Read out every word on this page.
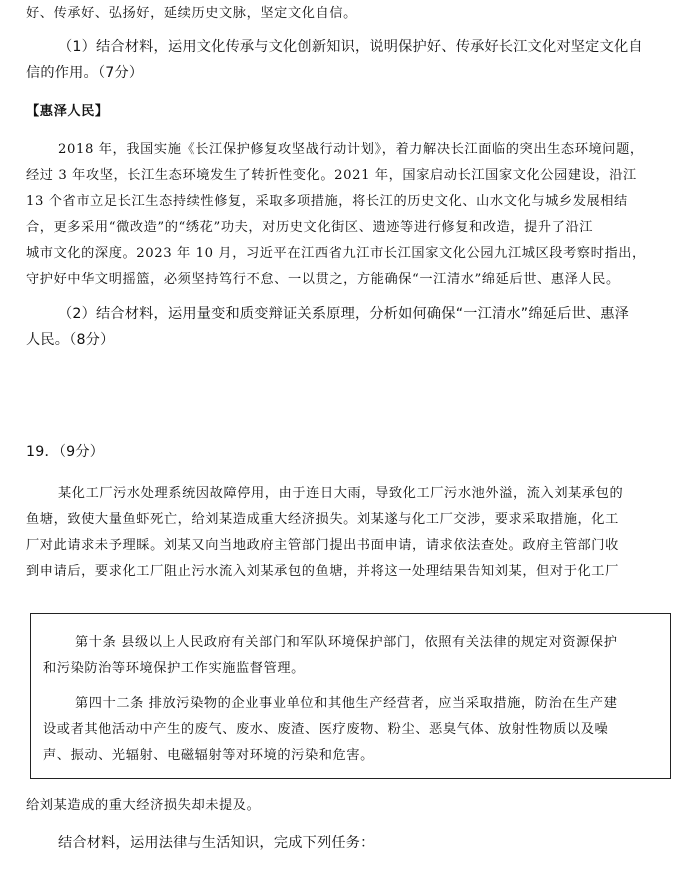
好、传承好、弘扬好，延续历史文脉，坚定文化自信。
（1）结合材料，运用文化传承与文化创新知识，说明保护好、传承好长江文化对坚定文化自
信的作用。（7分）
【惠泽人民】
2018 年，我国实施《长江保护修复攻坚战行动计划》，着力解决长江面临的突出生态环境问题，
经过 3 年攻坚，长江生态环境发生了转折性变化。2021 年，国家启动长江国家文化公园建设，沿江
13 个省市立足长江生态持续性修复，采取多项措施，将长江的历史文化、山水文化与城乡发展相结
合，更多采用“微改造”的“绣花”功夫，对历史文化街区、遗迹等进行修复和改造，提升了沿江
城市文化的深度。2023 年 10 月，习近平在江西省九江市长江国家文化公园九江城区段考察时指出，
守护好中华文明摇篮，必须坚持笃行不怠、一以贯之，方能确保“一江清水”绵延后世、惠泽人民。
（2）结合材料，运用量变和质变辩证关系原理，分析如何确保“一江清水”绵延后世、惠泽
人民。（8分）
19．（9分）
某化工厂污水处理系统因故障停用，由于连日大雨，导致化工厂污水池外溢，流入刘某承包的
鱼塘，致使大量鱼虾死亡，给刘某造成重大经济损失。刘某遂与化工厂交涉，要求采取措施，化工
厂对此请求未予理睬。刘某又向当地政府主管部门提出书面申请，请求依法查处。政府主管部门收
到申请后，要求化工厂阻止污水流入刘某承包的鱼塘，并将这一处理结果告知刘某，但对于化工厂
第十条 县级以上人民政府有关部门和军队环境保护部门，依照有关法律的规定对资源保护
和污染防治等环境保护工作实施监督管理。
第四十二条 排放污染物的企业事业单位和其他生产经营者，应当采取措施，防治在生产建
设或者其他活动中产生的废气、废水、废渣、医疗废物、粉尘、恶臭气体、放射性物质以及噪
声、振动、光辐射、电磁辐射等对环境的污染和危害。
给刘某造成的重大经济损失却未提及。
结合材料，运用法律与生活知识，完成下列任务：
